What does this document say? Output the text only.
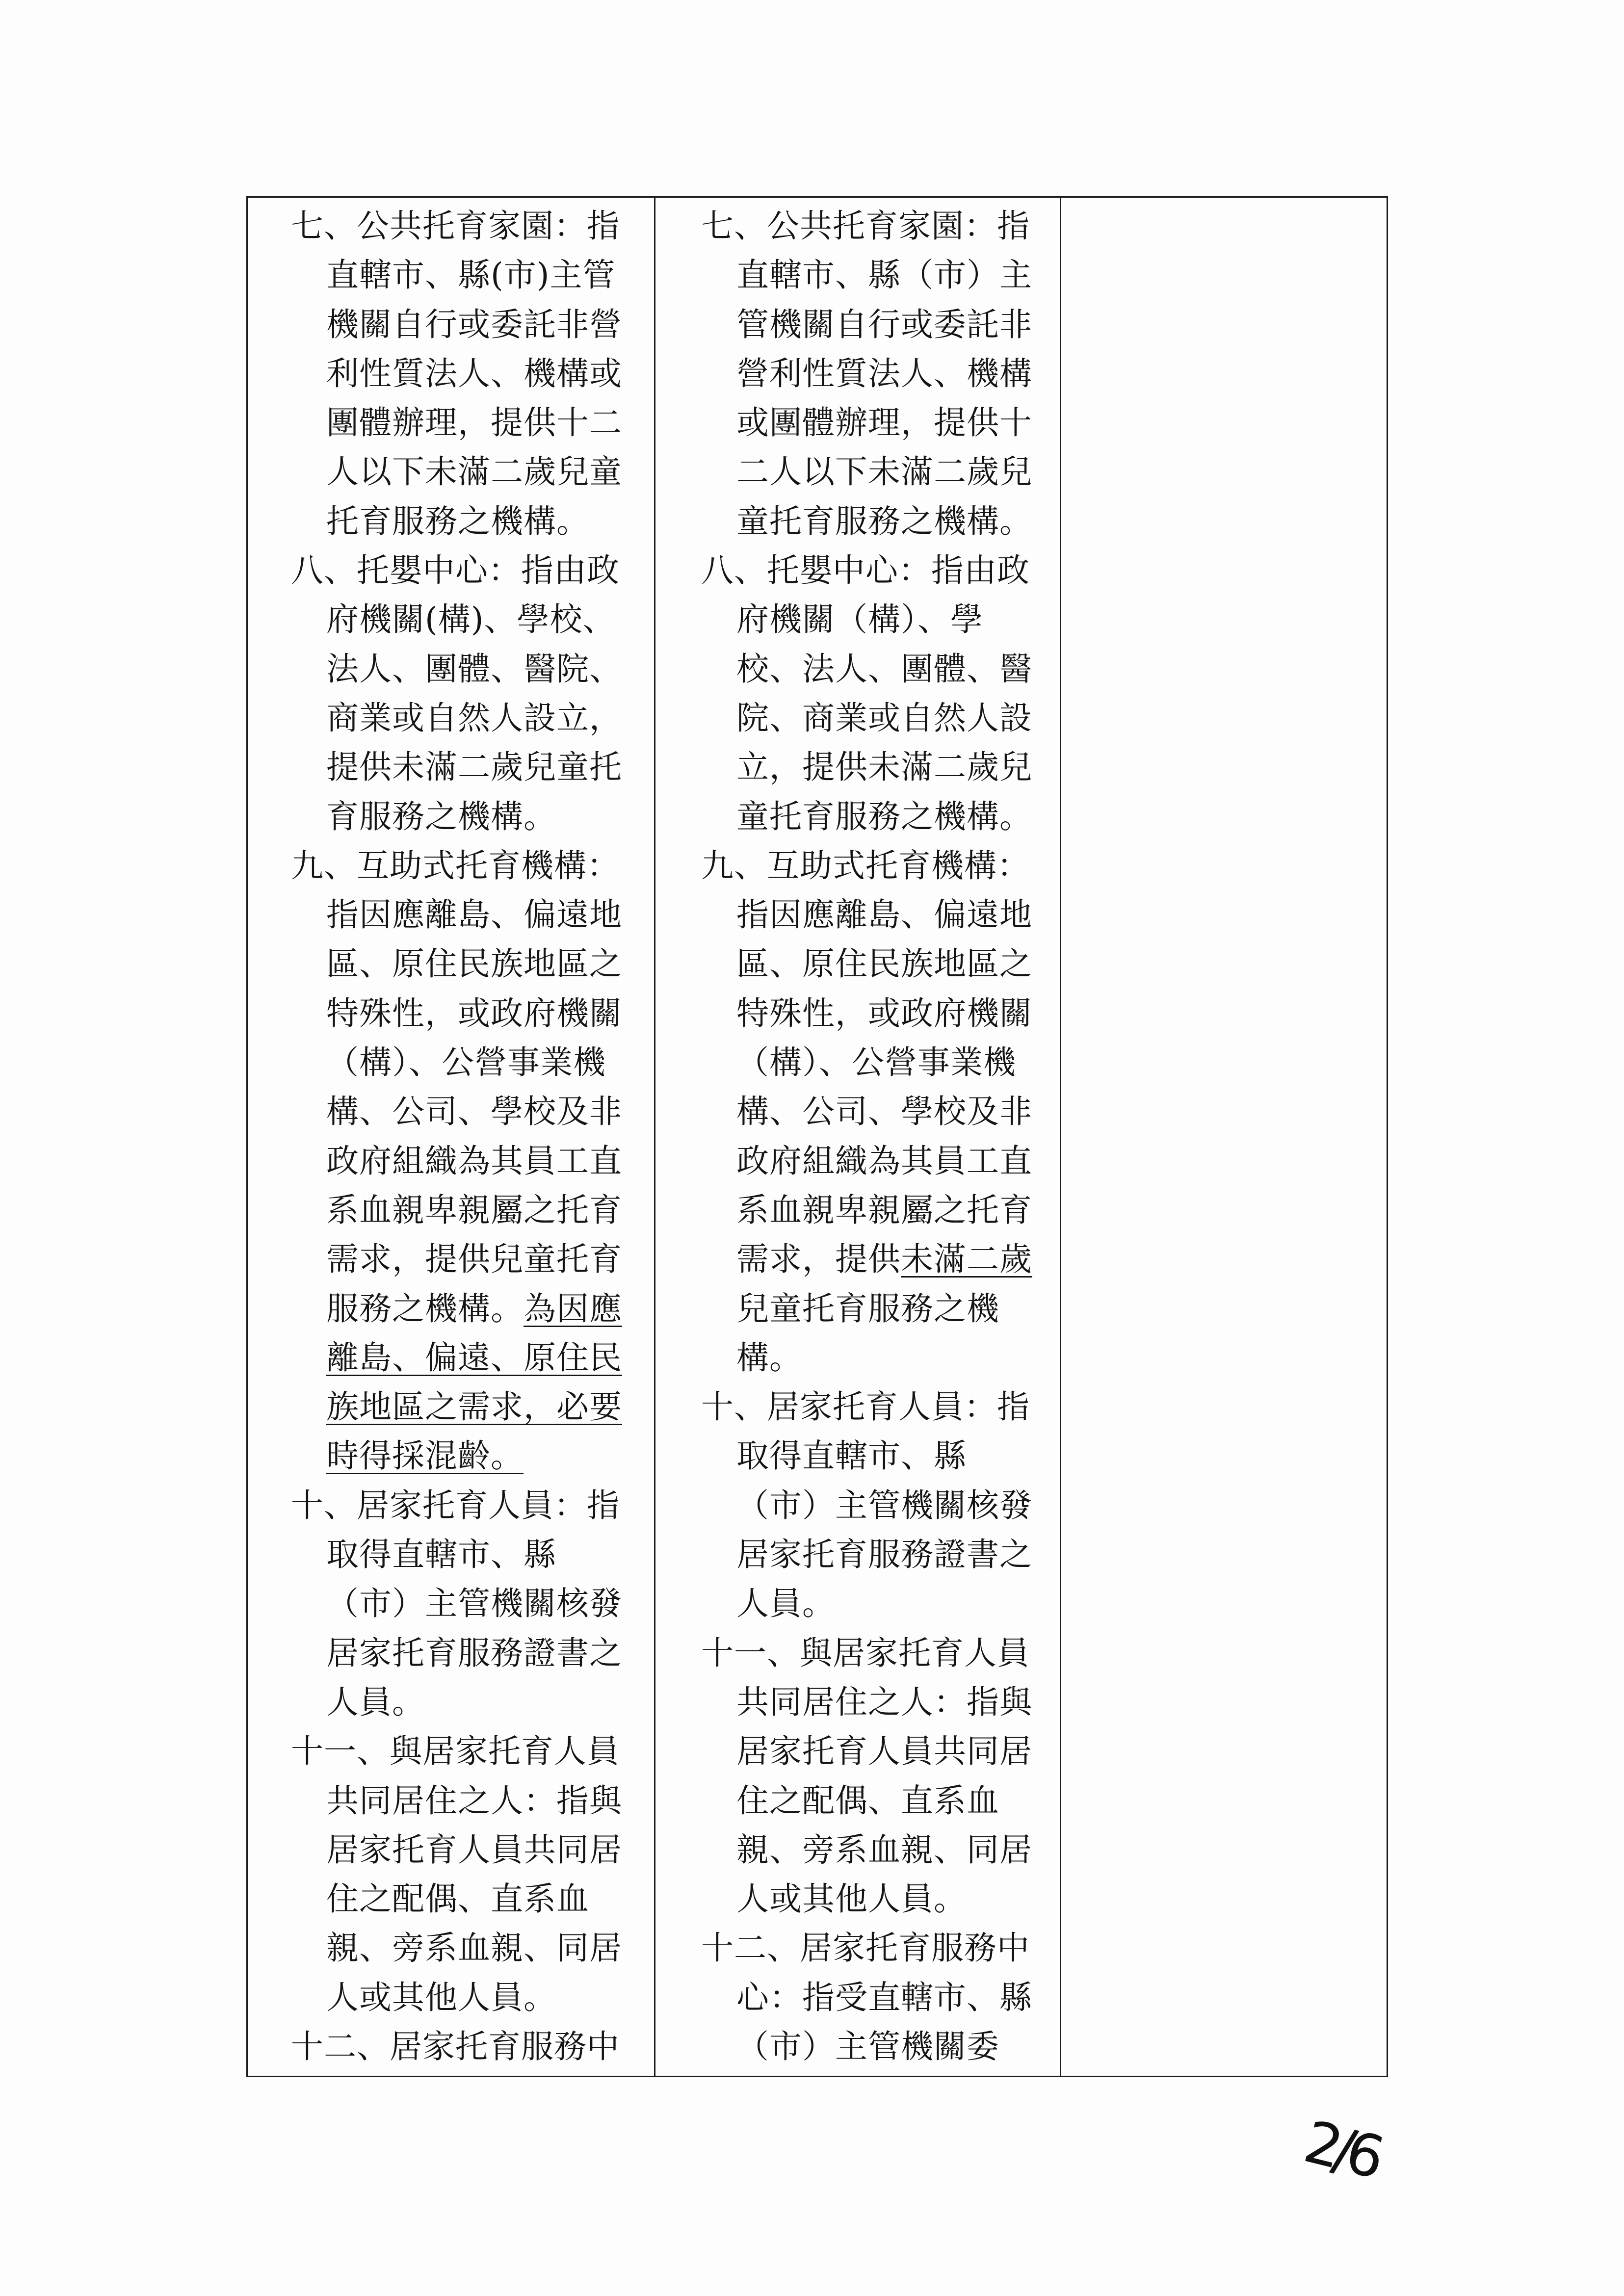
七、公共托育家園：指
直轄市、縣(市)主管
機關自行或委託非營
利性質法人、機構或
團體辦理，提供十二
人以下未滿二歲兒童
托育服務之機構。
八、托嬰中心：指由政
府機關(構)、學校、
法人、團體、醫院、
商業或自然人設立，
提供未滿二歲兒童托
育服務之機構。
九、互助式托育機構：
指因應離島、偏遠地
區、原住民族地區之
特殊性，或政府機關
（構）、公營事業機
構、公司、學校及非
政府組織為其員工直
系血親卑親屬之托育
需求，提供兒童托育
服務之機構。為因應
離島、偏遠、原住民
族地區之需求，必要
時得採混齡。
十、居家托育人員：指
取得直轄市、縣
（市）主管機關核發
居家托育服務證書之
人員。
十一、與居家托育人員
共同居住之人：指與
居家托育人員共同居
住之配偶、直系血
親、旁系血親、同居
人或其他人員。
十二、居家托育服務中
七、公共托育家園：指
直轄市、縣（市）主
管機關自行或委託非
營利性質法人、機構
或團體辦理，提供十
二人以下未滿二歲兒
童托育服務之機構。
八、托嬰中心：指由政
府機關（構）、學
校、法人、團體、醫
院、商業或自然人設
立，提供未滿二歲兒
童托育服務之機構。
九、互助式托育機構：
指因應離島、偏遠地
區、原住民族地區之
特殊性，或政府機關
（構）、公營事業機
構、公司、學校及非
政府組織為其員工直
系血親卑親屬之托育
需求，提供未滿二歲
兒童托育服務之機
構。
十、居家托育人員：指
取得直轄市、縣
（市）主管機關核發
居家托育服務證書之
人員。
十一、與居家托育人員
共同居住之人：指與
居家托育人員共同居
住之配偶、直系血
親、旁系血親、同居
人或其他人員。
十二、居家托育服務中
心：指受直轄市、縣
（市）主管機關委
2/6
